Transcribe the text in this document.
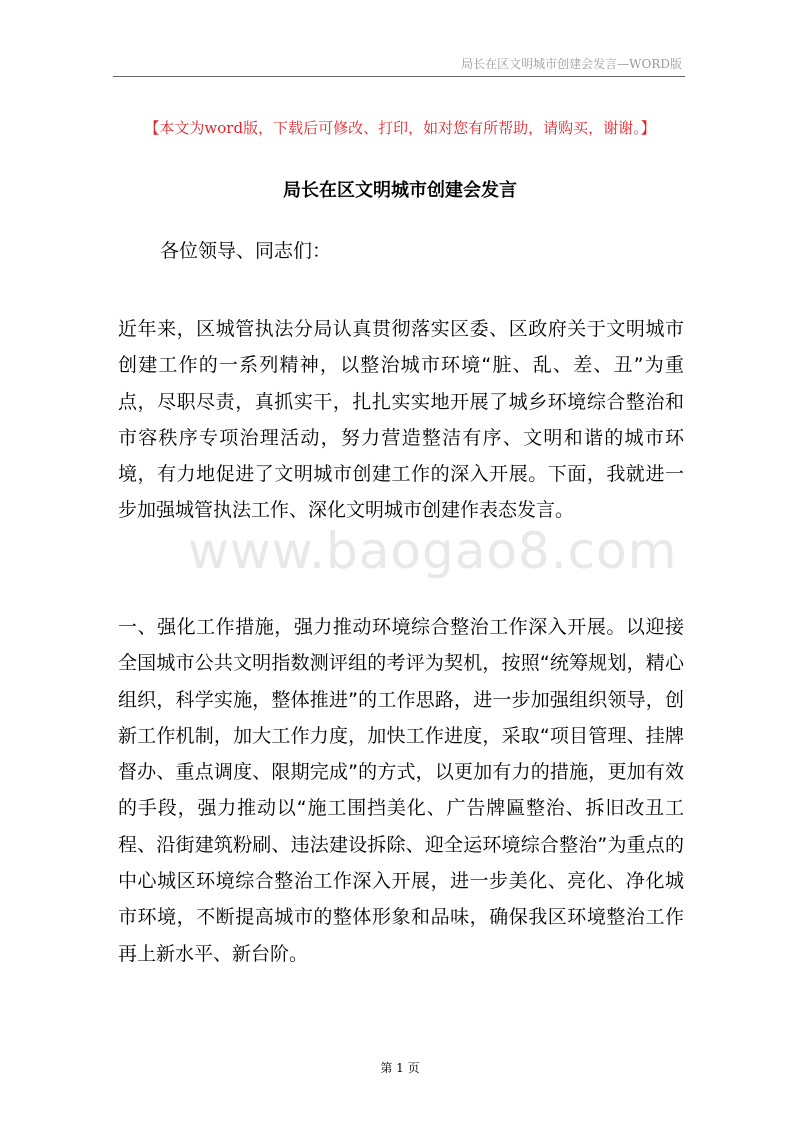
局长在区文明城市创建会发言—WORD版
【本文为word版，下载后可修改、打印，如对您有所帮助，请购买，谢谢。】
局长在区文明城市创建会发言
各位领导、同志们：
近年来，区城管执法分局认真贯彻落实区委、区政府关于文明城市创建工作的一系列精神，以整治城市环境“脏、乱、差、丑”为重点，尽职尽责，真抓实干，扎扎实实地开展了城乡环境综合整治和市容秩序专项治理活动，努力营造整洁有序、文明和谐的城市环境，有力地促进了文明城市创建工作的深入开展。下面，我就进一步加强城管执法工作、深化文明城市创建作表态发言。
www.baogao8.com
一、强化工作措施，强力推动环境综合整治工作深入开展。以迎接全国城市公共文明指数测评组的考评为契机，按照“统筹规划，精心组织，科学实施，整体推进”的工作思路，进一步加强组织领导，创新工作机制，加大工作力度，加快工作进度，采取“项目管理、挂牌督办、重点调度、限期完成”的方式，以更加有力的措施，更加有效的手段，强力推动以“施工围挡美化、广告牌匾整治、拆旧改丑工程、沿街建筑粉刷、违法建设拆除、迎全运环境综合整治”为重点的中心城区环境综合整治工作深入开展，进一步美化、亮化、净化城市环境，不断提高城市的整体形象和品味，确保我区环境整治工作再上新水平、新台阶。
第 1 页
